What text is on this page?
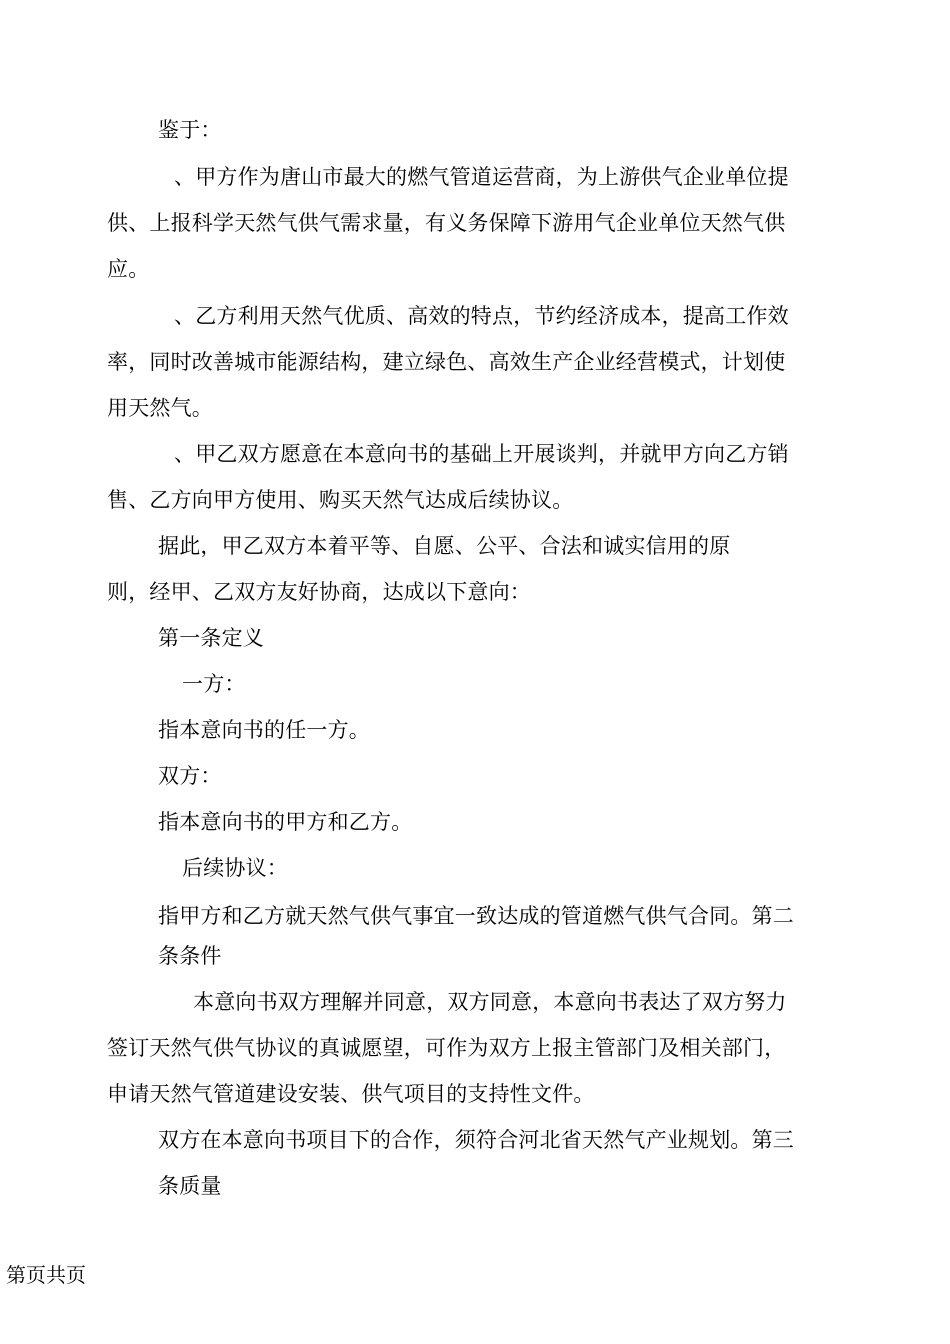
鉴于：
、甲方作为唐山市最大的燃气管道运营商，为上游供气企业单位提
供、上报科学天然气供气需求量，有义务保障下游用气企业单位天然气供
应。
、乙方利用天然气优质、高效的特点，节约经济成本，提高工作效
率，同时改善城市能源结构，建立绿色、高效生产企业经营模式，计划使
用天然气。
、甲乙双方愿意在本意向书的基础上开展谈判，并就甲方向乙方销
售、乙方向甲方使用、购买天然气达成后续协议。
据此，甲乙双方本着平等、自愿、公平、合法和诚实信用的原
则，经甲、乙双方友好协商，达成以下意向：
第一条定义
一方：
指本意向书的任一方。
双方：
指本意向书的甲方和乙方。
后续协议：
指甲方和乙方就天然气供气事宜一致达成的管道燃气供气合同。第二
条条件
本意向书双方理解并同意，双方同意，本意向书表达了双方努力
签订天然气供气协议的真诚愿望，可作为双方上报主管部门及相关部门，
申请天然气管道建设安装、供气项目的支持性文件。
双方在本意向书项目下的合作，须符合河北省天然气产业规划。第三
条质量
第页共页
